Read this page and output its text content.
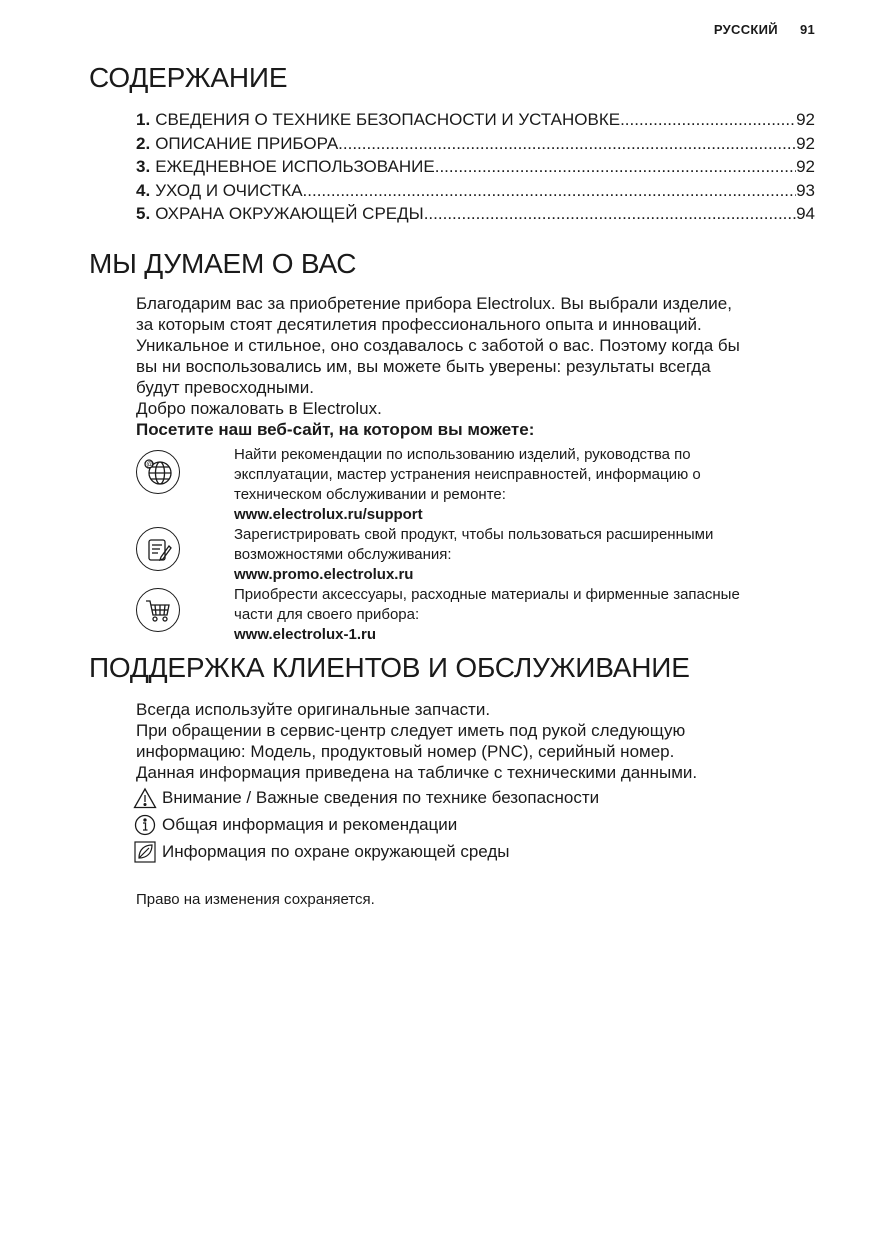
РУССКИЙ 91
СОДЕРЖАНИЕ
1. СВЕДЕНИЯ О ТЕХНИКЕ БЕЗОПАСНОСТИ И УСТАНОВКЕ .....	92
2. ОПИСАНИЕ ПРИБОРА .....	92
3. ЕЖЕДНЕВНОЕ ИСПОЛЬЗОВАНИЕ .....	92
4. УХОД И ОЧИСТКА .....	93
5. ОХРАНА ОКРУЖАЮЩЕЙ СРЕДЫ .....	94
МЫ ДУМАЕМ О ВАС
Благодарим вас за приобретение прибора Electrolux. Вы выбрали изделие,
за которым стоят десятилетия профессионального опыта и инноваций.
Уникальное и стильное, оно создавалось с заботой о вас. Поэтому когда бы
вы ни воспользовались им, вы можете быть уверены: результаты всегда
будут превосходными.
Добро пожаловать в Electrolux.
Посетите наш веб-сайт, на котором вы можете:
@
Найти рекомендации по использованию изделий, руководства по
эксплуатации, мастер устранения неисправностей, информацию о
техническом обслуживании и ремонте:
www.electrolux.ru/support
Зарегистрировать свой продукт, чтобы пользоваться расширенными
возможностями обслуживания:
www.promo.electrolux.ru
Приобрести аксессуары, расходные материалы и фирменные запасные
части для своего прибора:
www.electrolux-1.ru
ПОДДЕРЖКА КЛИЕНТОВ И ОБСЛУЖИВАНИЕ
Всегда используйте оригинальные запчасти.
При обращении в сервис-центр следует иметь под рукой следующую
информацию: Модель, продуктовый номер (PNC), серийный номер.
Данная информация приведена на табличке с техническими данными.
Внимание / Важные сведения по технике безопасности
Общая информация и рекомендации
Информация по охране окружающей среды
Право на изменения сохраняется.
